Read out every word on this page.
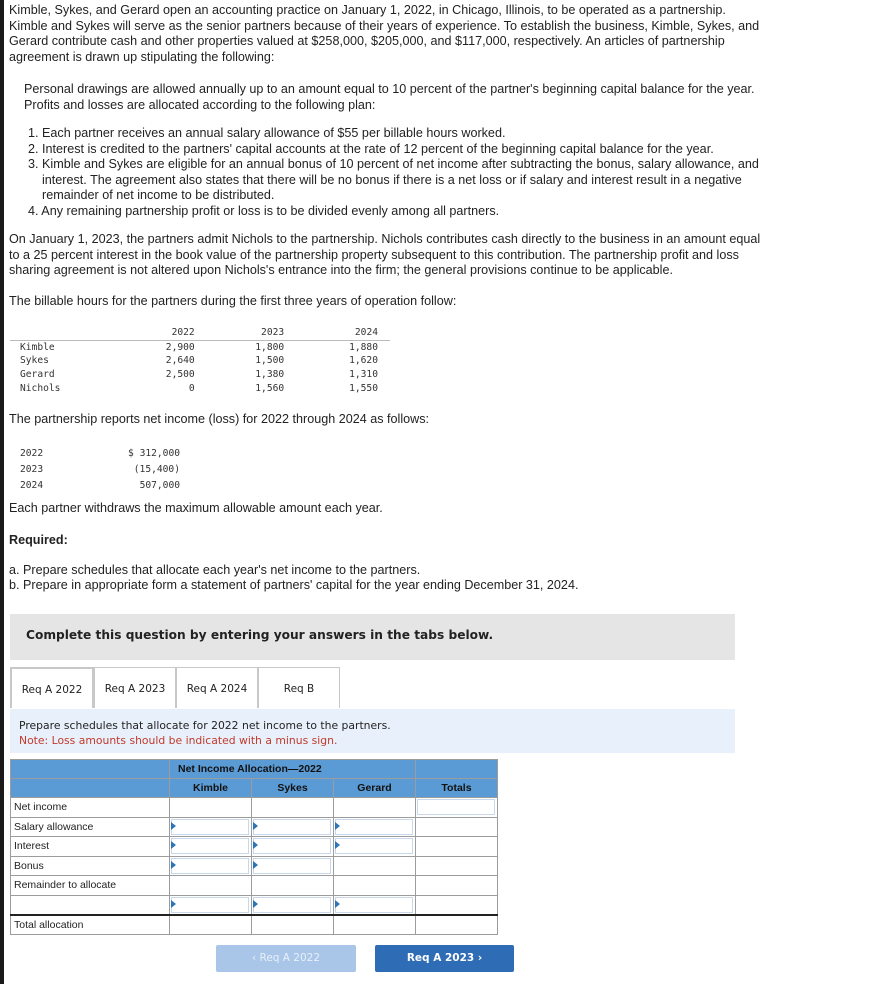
Kimble, Sykes, and Gerard open an accounting practice on January 1, 2022, in Chicago, Illinois, to be operated as a partnership.
Kimble and Sykes will serve as the senior partners because of their years of experience. To establish the business, Kimble, Sykes, and
Gerard contribute cash and other properties valued at $258,000, $205,000, and $117,000, respectively. An articles of partnership
agreement is drawn up stipulating the following:

Personal drawings are allowed annually up to an amount equal to 10 percent of the partner's beginning capital balance for the year.
Profits and losses are allocated according to the following plan:

1. Each partner receives an annual salary allowance of $55 per billable hours worked.
2. Interest is credited to the partners' capital accounts at the rate of 12 percent of the beginning capital balance for the year.
3. Kimble and Sykes are eligible for an annual bonus of 10 percent of net income after subtracting the bonus, salary allowance, and
interest. The agreement also states that there will be no bonus if there is a net loss or if salary and interest result in a negative
remainder of net income to be distributed.
4. Any remaining partnership profit or loss is to be divided evenly among all partners.

On January 1, 2023, the partners admit Nichols to the partnership. Nichols contributes cash directly to the business in an amount equal
to a 25 percent interest in the book value of the partnership property subsequent to this contribution. The partnership profit and loss
sharing agreement is not altered upon Nichols's entrance into the firm; the general provisions continue to be applicable.

The billable hours for the partners during the first three years of operation follow:

	2022	2023	2024
Kimble	2,900	1,800	1,880
Sykes	2,640	1,500	1,620
Gerard	2,500	1,380	1,310
Nichols	0	1,560	1,550

The partnership reports net income (loss) for 2022 through 2024 as follows:

2022	$ 312,000
2023	(15,400)
2024	507,000

Each partner withdraws the maximum allowable amount each year.

Required:

a. Prepare schedules that allocate each year's net income to the partners.

b. Prepare in appropriate form a statement of partners' capital for the year ending December 31, 2024.

Complete this question by entering your answers in the tabs below.
Req A 2022	Req A 2023	Req A 2024	Req B
Prepare schedules that allocate for 2022 net income to the partners.
Note: Loss amounts should be indicated with a minus sign.
	Net Income Allocation—2022			
	Kimble	Sykes	Gerard	Totals
Net income				
Salary allowance	

Interest	

Bonus	

Remainder to allocate				

Total allocation				
‹ Req A 2022	Req A 2023 ›
